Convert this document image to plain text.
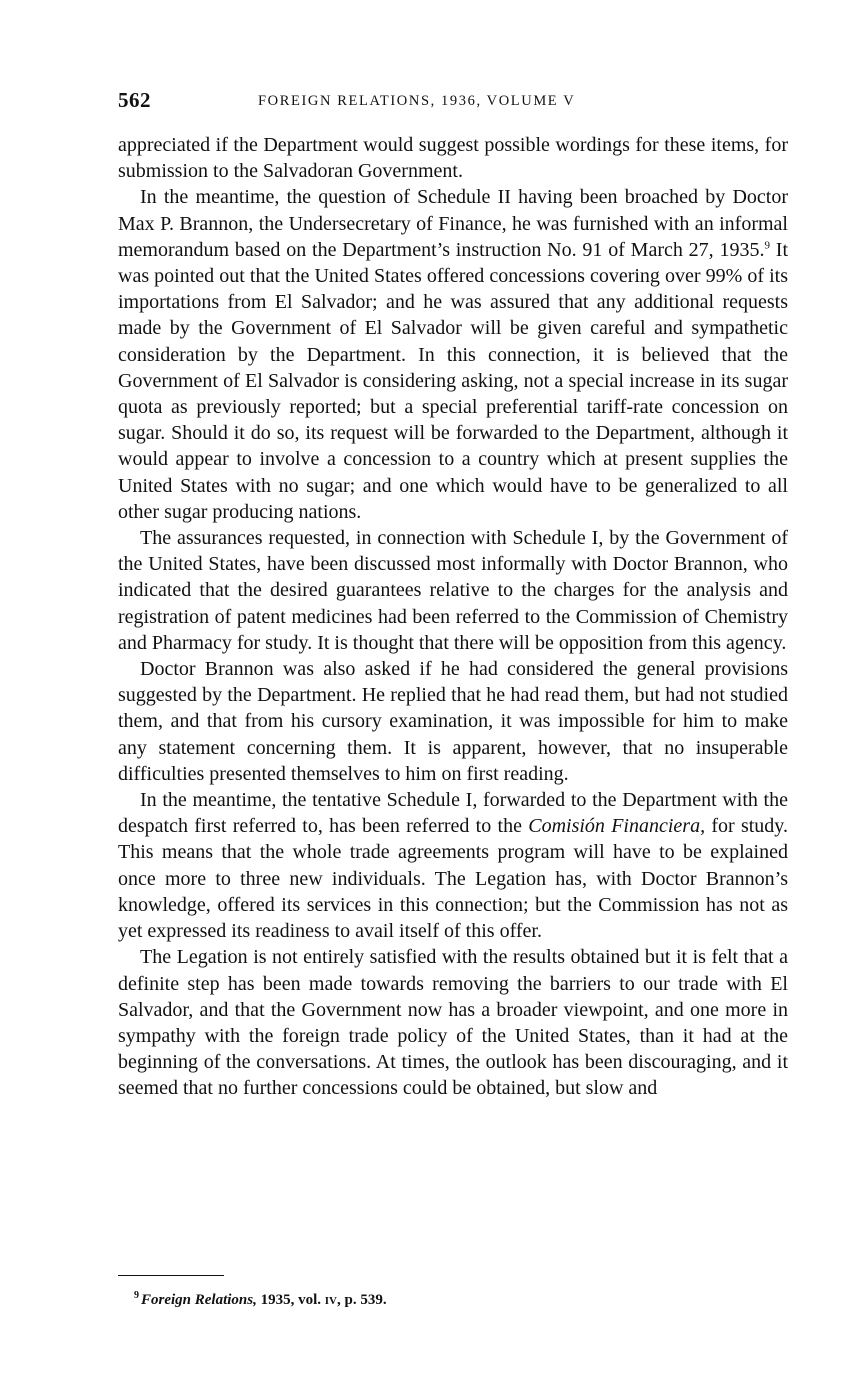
562	FOREIGN RELATIONS, 1936, VOLUME V

appreciated if the Department would suggest possible wordings for these items, for submission to the Salvadoran Government.

In the meantime, the question of Schedule II having been broached by Doctor Max P. Brannon, the Undersecretary of Finance, he was furnished with an informal memorandum based on the Department’s instruction No. 91 of March 27, 1935.$^9$ It was pointed out that the United States offered concessions covering over 99% of its importations from El Salvador; and he was assured that any additional requests made by the Government of El Salvador will be given careful and sympathetic consideration by the Department. In this connection, it is believed that the Government of El Salvador is considering asking, not a special increase in its sugar quota as previously reported; but a special preferential tariff-rate concession on sugar. Should it do so, its request will be forwarded to the Department, although it would appear to involve a concession to a country which at present supplies the United States with no sugar; and one which would have to be generalized to all other sugar producing nations.

The assurances requested, in connection with Schedule I, by the Government of the United States, have been discussed most informally with Doctor Brannon, who indicated that the desired guarantees relative to the charges for the analysis and registration of patent medicines had been referred to the Commission of Chemistry and Pharmacy for study. It is thought that there will be opposition from this agency.

Doctor Brannon was also asked if he had considered the general provisions suggested by the Department. He replied that he had read them, but had not studied them, and that from his cursory examination, it was impossible for him to make any statement concerning them. It is apparent, however, that no insuperable difficulties presented themselves to him on first reading.

In the meantime, the tentative Schedule I, forwarded to the Department with the despatch first referred to, has been referred to the Comisión Financiera, for study. This means that the whole trade agreements program will have to be explained once more to three new individuals. The Legation has, with Doctor Brannon’s knowledge, offered its services in this connection; but the Commission has not as yet expressed its readiness to avail itself of this offer.

The Legation is not entirely satisfied with the results obtained but it is felt that a definite step has been made towards removing the barriers to our trade with El Salvador, and that the Government now has a broader viewpoint, and one more in sympathy with the foreign trade policy of the United States, than it had at the beginning of the conversations. At times, the outlook has been discouraging, and it seemed that no further concessions could be obtained, but slow and

$^9$ Foreign Relations, 1935, vol. iv, p. 539.
